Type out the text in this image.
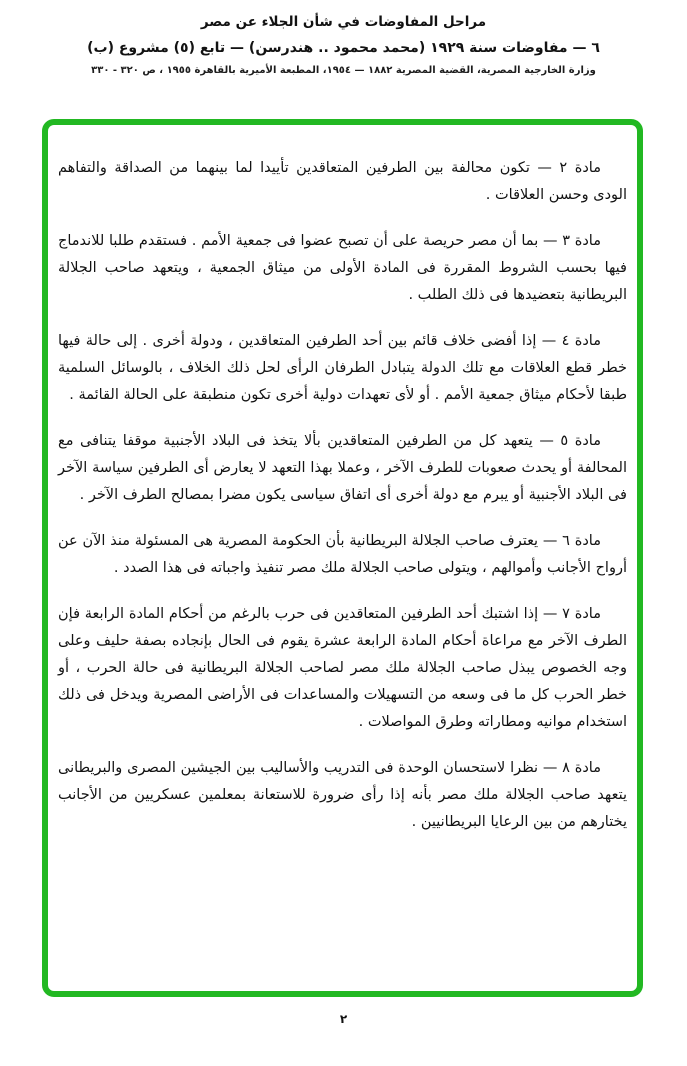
مراحل المفاوضات في شأن الجلاء عن مصر
٦ — مفاوضات سنة ١٩٢٩ (محمد محمود .. هندرسن) — تابع (٥) مشروع (ب)
وزارة الخارجية المصرية، القضية المصرية ١٨٨٢ — ١٩٥٤، المطبعة الأميرية بالقاهرة ١٩٥٥ ، ص ٣٢٠ - ٣٣٠

مادة ٢ — تكون محالفة بين الطرفين المتعاقدين تأييدا لما بينهما من الصداقة والتفاهم الودى وحسن العلاقات .

مادة ٣ — بما أن مصر حريصة على أن تصبح عضوا فى جمعية الأمم . فستقدم طلبا للاندماج فيها بحسب الشروط المقررة فى المادة الأولى من ميثاق الجمعية ، ويتعهد صاحب الجلالة البريطانية بتعضيدها فى ذلك الطلب .

مادة ٤ — إذا أفضى خلاف قائم بين أحد الطرفين المتعاقدين ، ودولة أخرى . إلى حالة فيها خطر قطع العلاقات مع تلك الدولة يتبادل الطرفان الرأى لحل ذلك الخلاف ، بالوسائل السلمية طبقا لأحكام ميثاق جمعية الأمم . أو لأى تعهدات دولية أخرى تكون منطبقة على الحالة القائمة .

مادة ٥ — يتعهد كل من الطرفين المتعاقدين بألا يتخذ فى البلاد الأجنبية موقفا يتنافى مع المحالفة أو يحدث صعوبات للطرف الآخر ، وعملا بهذا التعهد لا يعارض أى الطرفين سياسة الآخر فى البلاد الأجنبية أو يبرم مع دولة أخرى أى اتفاق سياسى يكون مضرا بمصالح الطرف الآخر .

مادة ٦ — يعترف صاحب الجلالة البريطانية بأن الحكومة المصرية هى المسئولة منذ الآن عن أرواح الأجانب وأموالهم ، ويتولى صاحب الجلالة ملك مصر تنفيذ واجباته فى هذا الصدد .

مادة ٧ — إذا اشتبك أحد الطرفين المتعاقدين فى حرب بالرغم من أحكام المادة الرابعة فإن الطرف الآخر مع مراعاة أحكام المادة الرابعة عشرة يقوم فى الحال بإنجاده بصفة حليف وعلى وجه الخصوص يبذل صاحب الجلالة ملك مصر لصاحب الجلالة البريطانية فى حالة الحرب ، أو خطر الحرب كل ما فى وسعه من التسهيلات والمساعدات فى الأراضى المصرية ويدخل فى ذلك استخدام موانيه ومطاراته وطرق المواصلات .

مادة ٨ — نظرا لاستحسان الوحدة فى التدريب والأساليب بين الجيشين المصرى والبريطانى يتعهد صاحب الجلالة ملك مصر بأنه إذا رأى ضرورة للاستعانة بمعلمين عسكريين من الأجانب يختارهم من بين الرعايا البريطانيين .

٢
